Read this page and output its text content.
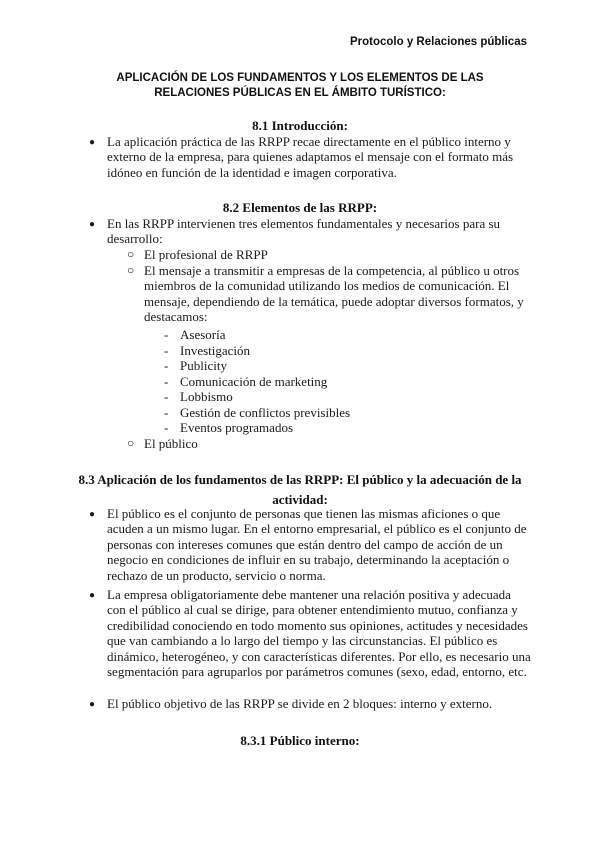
Protocolo y Relaciones públicas
APLICACIÓN DE LOS FUNDAMENTOS Y LOS ELEMENTOS DE LAS RELACIONES PÚBLICAS EN EL ÁMBITO TURÍSTICO:
8.1 Introducción:
● La aplicación práctica de las RRPP recae directamente en el público interno y externo de la empresa, para quienes adaptamos el mensaje con el formato más idóneo en función de la identidad e imagen corporativa.
8.2 Elementos de las RRPP:
● En las RRPP intervienen tres elementos fundamentales y necesarios para su desarrollo:
○ El profesional de RRPP
○ El mensaje a transmitir a empresas de la competencia, al público u otros miembros de la comunidad utilizando los medios de comunicación. El mensaje, dependiendo de la temática, puede adoptar diversos formatos, y destacamos:
- Asesoría
- Investigación
- Publicity
- Comunicación de marketing
- Lobbismo
- Gestión de conflictos previsibles
- Eventos programados
○ El público
8.3 Aplicación de los fundamentos de las RRPP: El público y la adecuación de la actividad:
● El público es el conjunto de personas que tienen las mismas aficiones o que acuden a un mismo lugar. En el entorno empresarial, el público es el conjunto de personas con intereses comunes que están dentro del campo de acción de un negocio en condiciones de influir en su trabajo, determinando la aceptación o rechazo de un producto, servicio o norma.
● La empresa obligatoriamente debe mantener una relación positiva y adecuada con el público al cual se dirige, para obtener entendimiento mutuo, confianza y credibilidad conociendo en todo momento sus opiniones, actitudes y necesidades que van cambiando a lo largo del tiempo y las circunstancias. El público es dinámico, heterogéneo, y con características diferentes. Por ello, es necesario una segmentación para agruparlos por parámetros comunes (sexo, edad, entorno, etc.
● El público objetivo de las RRPP se divide en 2 bloques: interno y externo.
8.3.1 Público interno:
